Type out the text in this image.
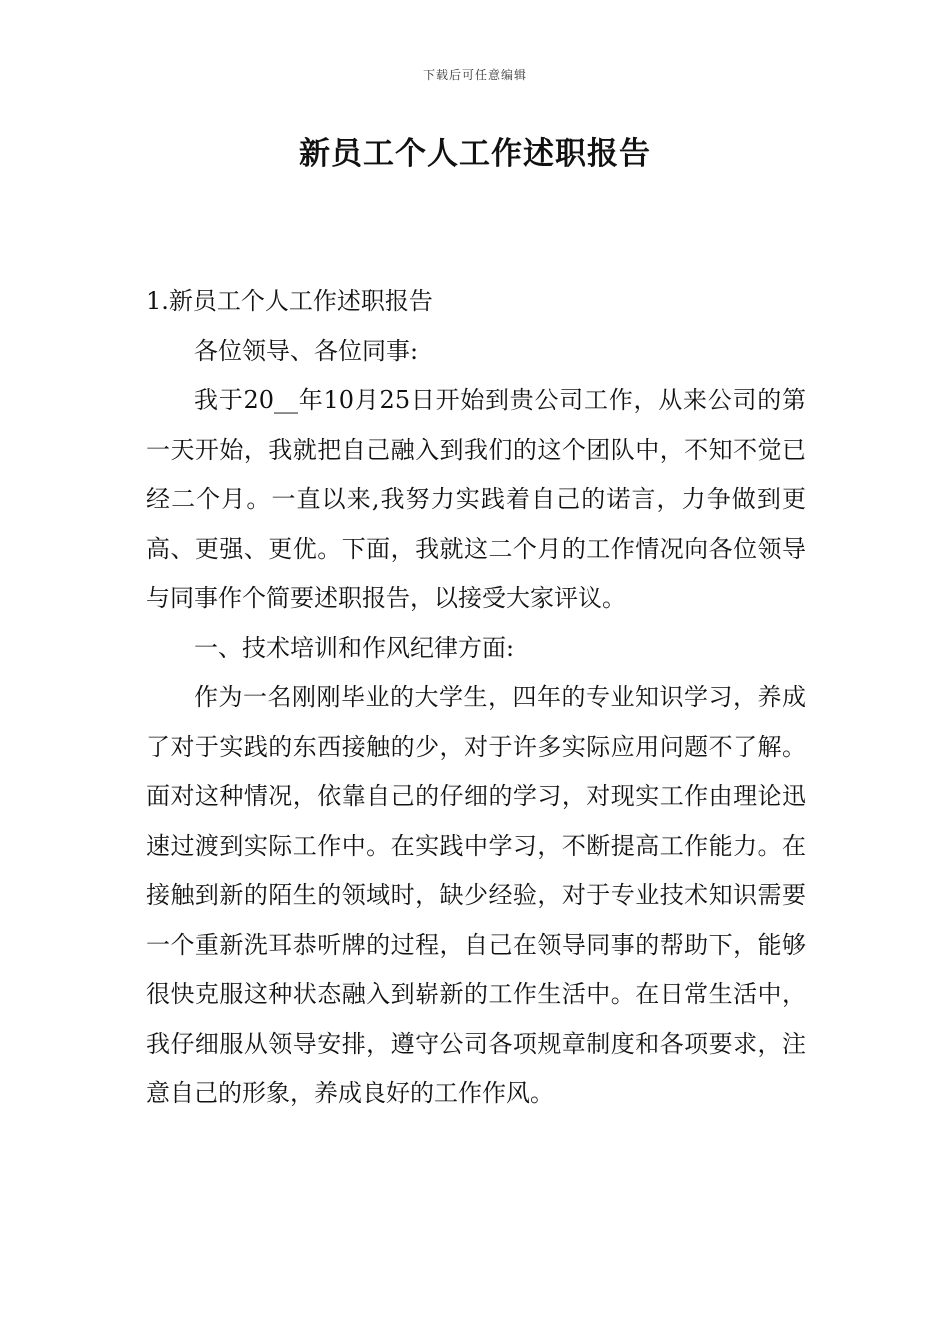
下载后可任意编辑
新员工个人工作述职报告

1.新员工个人工作述职报告

各位领导、各位同事:

我于20__年10月25日开始到贵公司工作，从来公司的第一天开始，我就把自己融入到我们的这个团队中，不知不觉已经二个月。一直以来,我努力实践着自己的诺言，力争做到更高、更强、更优。下面，我就这二个月的工作情况向各位领导与同事作个简要述职报告，以接受大家评议。

一、技术培训和作风纪律方面:

作为一名刚刚毕业的大学生，四年的专业知识学习，养成了对于实践的东西接触的少，对于许多实际应用问题不了解。面对这种情况，依靠自己的仔细的学习，对现实工作由理论迅速过渡到实际工作中。在实践中学习，不断提高工作能力。在接触到新的陌生的领域时，缺少经验，对于专业技术知识需要一个重新洗耳恭听牌的过程，自己在领导同事的帮助下，能够很快克服这种状态融入到崭新的工作生活中。在日常生活中，我仔细服从领导安排，遵守公司各项规章制度和各项要求，注意自己的形象，养成良好的工作作风。
